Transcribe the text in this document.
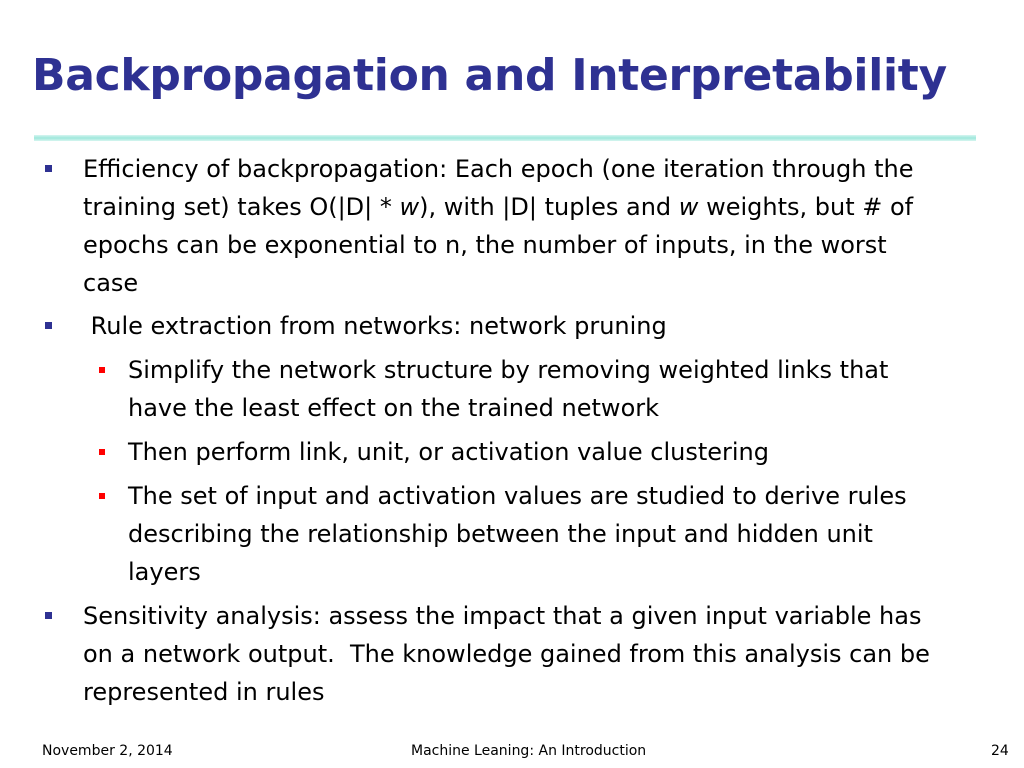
Backpropagation and Interpretability
Efficiency of backpropagation: Each epoch (one iteration through the
training set) takes O(|D| * w), with |D| tuples and w weights, but # of
epochs can be exponential to n, the number of inputs, in the worst
case
Rule extraction from networks: network pruning
Simplify the network structure by removing weighted links that
have the least effect on the trained network
Then perform link, unit, or activation value clustering
The set of input and activation values are studied to derive rules
describing the relationship between the input and hidden unit
layers
Sensitivity analysis: assess the impact that a given input variable has
on a network output.  The knowledge gained from this analysis can be
represented in rules
November 2, 2014	Machine Leaning: An Introduction	24
